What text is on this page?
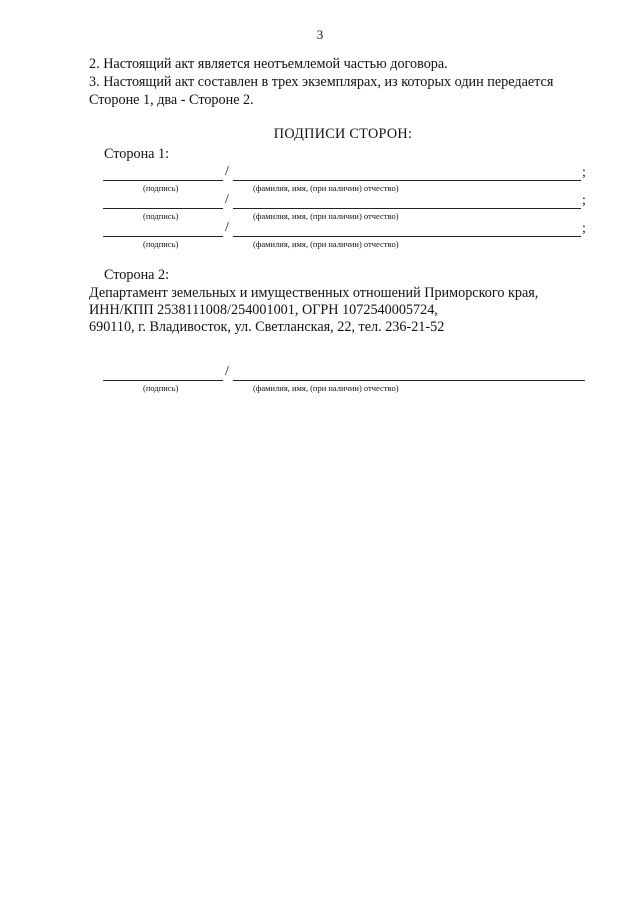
3
2. Настоящий акт является неотъемлемой частью договора.
3. Настоящий акт составлен в трех экземплярах, из которых один передается
Стороне 1, два - Стороне 2.
ПОДПИСИ СТОРОН:
Сторона 1:
/	;
(подпись)	(фамилия, имя, (при наличии) отчество)
/	;
(подпись)	(фамилия, имя, (при наличии) отчество)
/	;
(подпись)	(фамилия, имя, (при наличии) отчество)
Сторона 2:
Департамент земельных и имущественных отношений Приморского края,
ИНН/КПП 2538111008/254001001, ОГРН 1072540005724,
690110, г. Владивосток, ул. Светланская, 22, тел. 236-21-52
/
(подпись)	(фамилия, имя, (при наличии) отчество)
